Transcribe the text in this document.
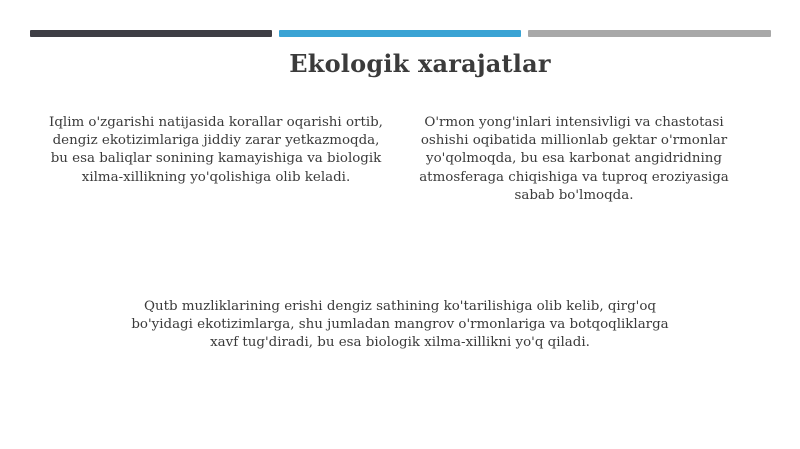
Ekologik xarajatlar
Iqlim o'zgarishi natijasida korallar oqarishi ortib, dengiz ekotizimlariga jiddiy zarar yetkazmoqda, bu esa baliqlar sonining kamayishiga va biologik xilma-xillikning yo'qolishiga olib keladi.
O'rmon yong'inlari intensivligi va chastotasi oshishi oqibatida millionlab gektar o'rmonlar yo'qolmoqda, bu esa karbonat angidridning atmosferaga chiqishiga va tuproq eroziyasiga sabab bo'lmoqda.
Qutb muzliklarining erishi dengiz sathining ko'tarilishiga olib kelib, qirg'oq bo'yidagi ekotizimlarga, shu jumladan mangrov o'rmonlariga va botqoqliklarga xavf tug'diradi, bu esa biologik xilma-xillikni yo'q qiladi.
